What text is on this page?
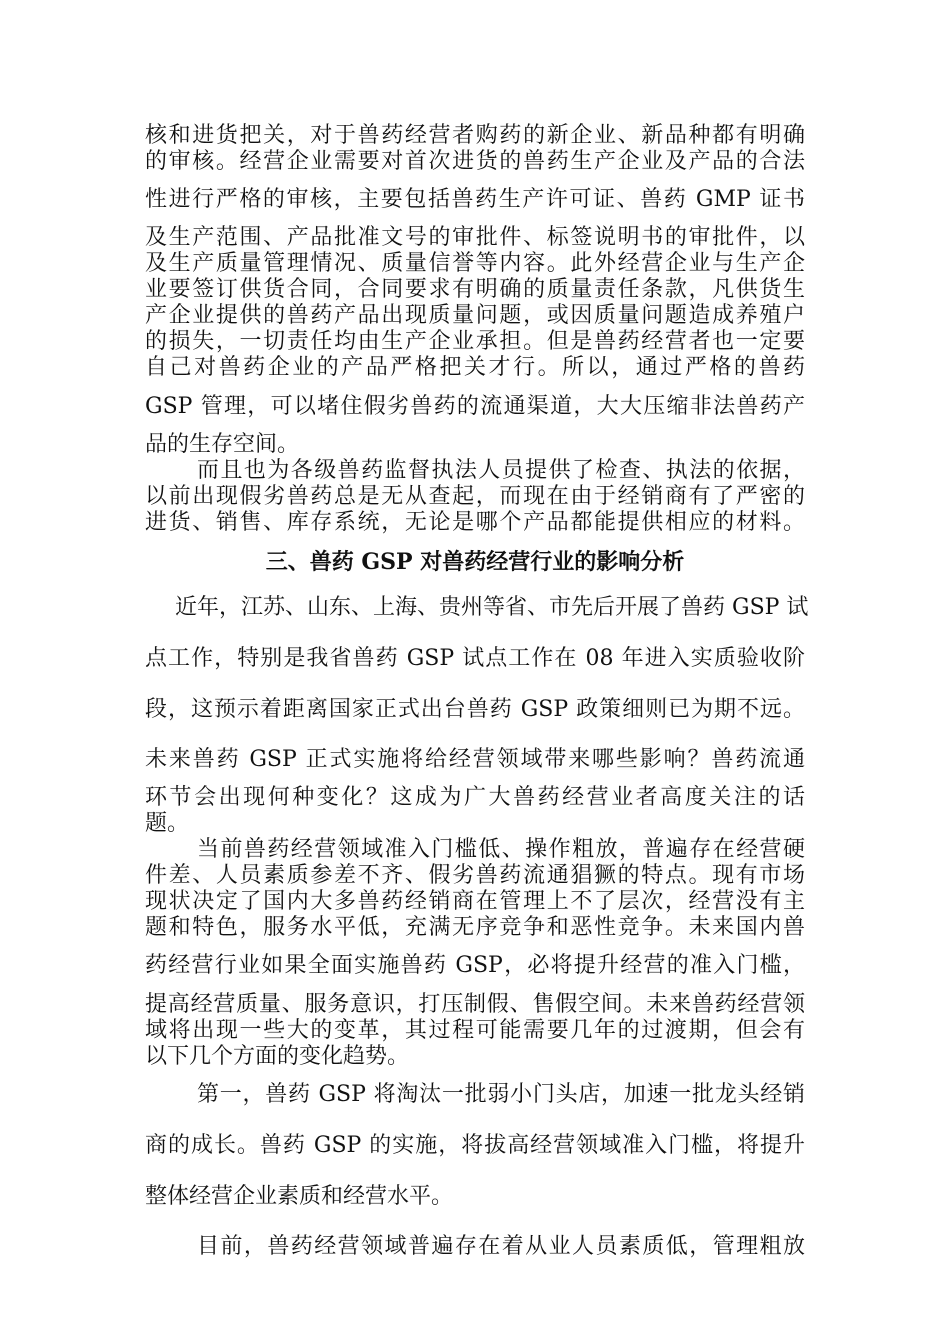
核和进货把关，对于兽药经营者购药的新企业、新品种都有明确
的审核。经营企业需要对首次进货的兽药生产企业及产品的合法
性进行严格的审核，主要包括兽药生产许可证、兽药 GMP 证书
及生产范围、产品批准文号的审批件、标签说明书的审批件，以
及生产质量管理情况、质量信誉等内容。此外经营企业与生产企
业要签订供货合同，合同要求有明确的质量责任条款，凡供货生
产企业提供的兽药产品出现质量问题，或因质量问题造成养殖户
的损失，一切责任均由生产企业承担。但是兽药经营者也一定要
自己对兽药企业的产品严格把关才行。所以，通过严格的兽药
GSP 管理，可以堵住假劣兽药的流通渠道，大大压缩非法兽药产
品的生存空间。
而且也为各级兽药监督执法人员提供了检查、执法的依据，
以前出现假劣兽药总是无从查起，而现在由于经销商有了严密的
进货、销售、库存系统，无论是哪个产品都能提供相应的材料。
三、兽药 GSP 对兽药经营行业的影响分析
近年，江苏、山东、上海、贵州等省、市先后开展了兽药 GSP 试
点工作，特别是我省兽药 GSP 试点工作在 08 年进入实质验收阶
段，这预示着距离国家正式出台兽药 GSP 政策细则已为期不远。
未来兽药 GSP 正式实施将给经营领域带来哪些影响？兽药流通
环节会出现何种变化？这成为广大兽药经营业者高度关注的话
题。
当前兽药经营领域准入门槛低、操作粗放，普遍存在经营硬
件差、人员素质参差不齐、假劣兽药流通猖獗的特点。现有市场
现状决定了国内大多兽药经销商在管理上不了层次，经营没有主
题和特色，服务水平低，充满无序竞争和恶性竞争。未来国内兽
药经营行业如果全面实施兽药 GSP，必将提升经营的准入门槛，
提高经营质量、服务意识，打压制假、售假空间。未来兽药经营领
域将出现一些大的变革，其过程可能需要几年的过渡期，但会有
以下几个方面的变化趋势。
第一，兽药 GSP 将淘汰一批弱小门头店，加速一批龙头经销
商的成长。兽药 GSP 的实施，将拔高经营领域准入门槛，将提升
整体经营企业素质和经营水平。
目前，兽药经营领域普遍存在着从业人员素质低，管理粗放
